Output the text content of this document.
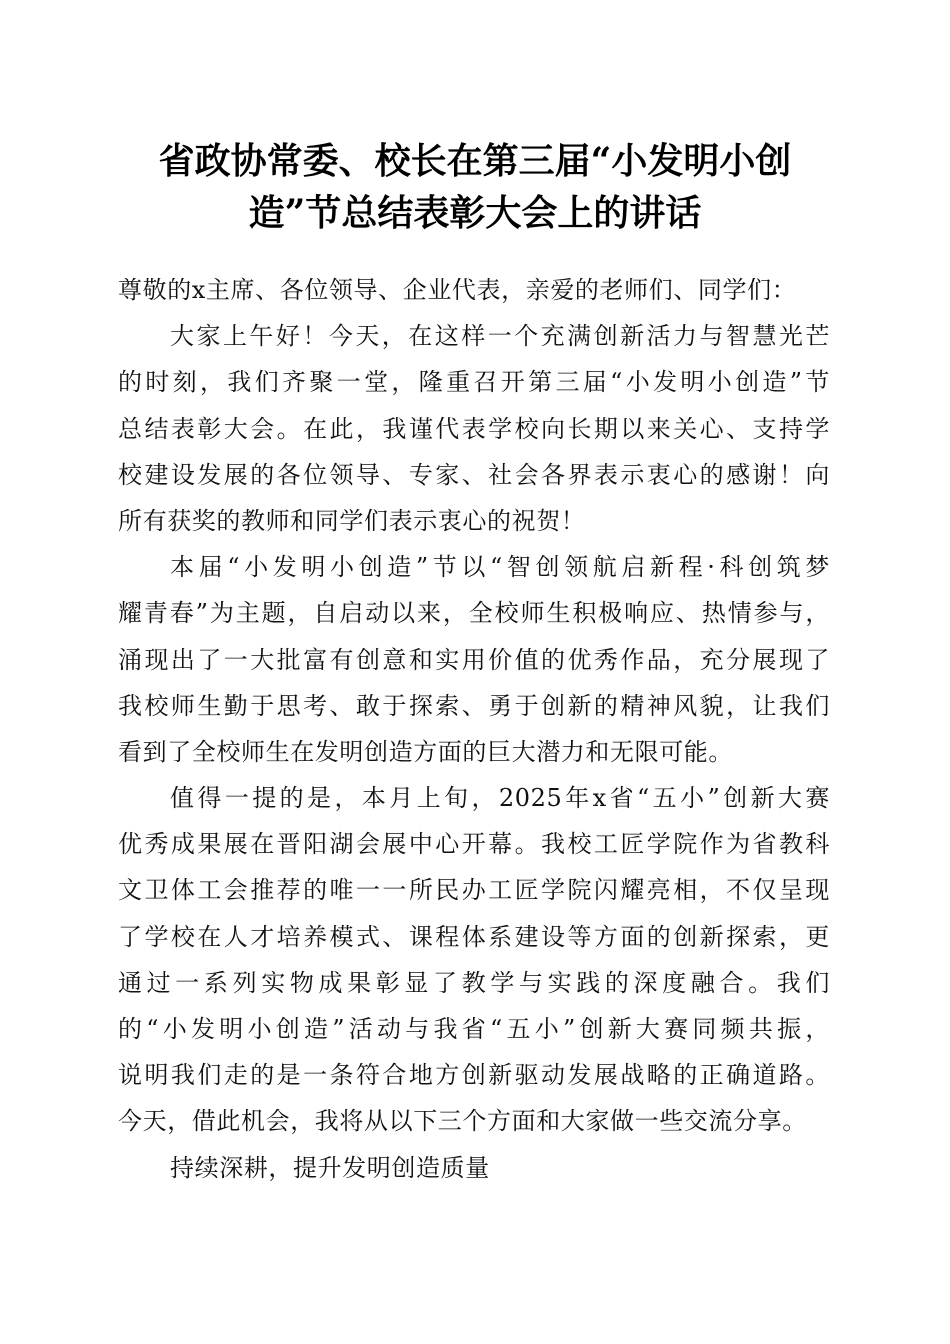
省政协常委、校长在第三届“小发明小创
造”节总结表彰大会上的讲话
尊敬的x主席、各位领导、企业代表，亲爱的老师们、同学们：
大家上午好！今天，在这样一个充满创新活力与智慧光芒
的时刻，我们齐聚一堂，隆重召开第三届“小发明小创造”节
总结表彰大会。在此，我谨代表学校向长期以来关心、支持学
校建设发展的各位领导、专家、社会各界表示衷心的感谢！向
所有获奖的教师和同学们表示衷心的祝贺！
本届“小发明小创造”节以“智创领航启新程·科创筑梦
耀青春”为主题，自启动以来，全校师生积极响应、热情参与，
涌现出了一大批富有创意和实用价值的优秀作品，充分展现了
我校师生勤于思考、敢于探索、勇于创新的精神风貌，让我们
看到了全校师生在发明创造方面的巨大潜力和无限可能。
值得一提的是，本月上旬，2025年x省“五小”创新大赛
优秀成果展在晋阳湖会展中心开幕。我校工匠学院作为省教科
文卫体工会推荐的唯一一所民办工匠学院闪耀亮相，不仅呈现
了学校在人才培养模式、课程体系建设等方面的创新探索，更
通过一系列实物成果彰显了教学与实践的深度融合。我们
的“小发明小创造”活动与我省“五小”创新大赛同频共振，
说明我们走的是一条符合地方创新驱动发展战略的正确道路。
今天，借此机会，我将从以下三个方面和大家做一些交流分享。
持续深耕，提升发明创造质量
